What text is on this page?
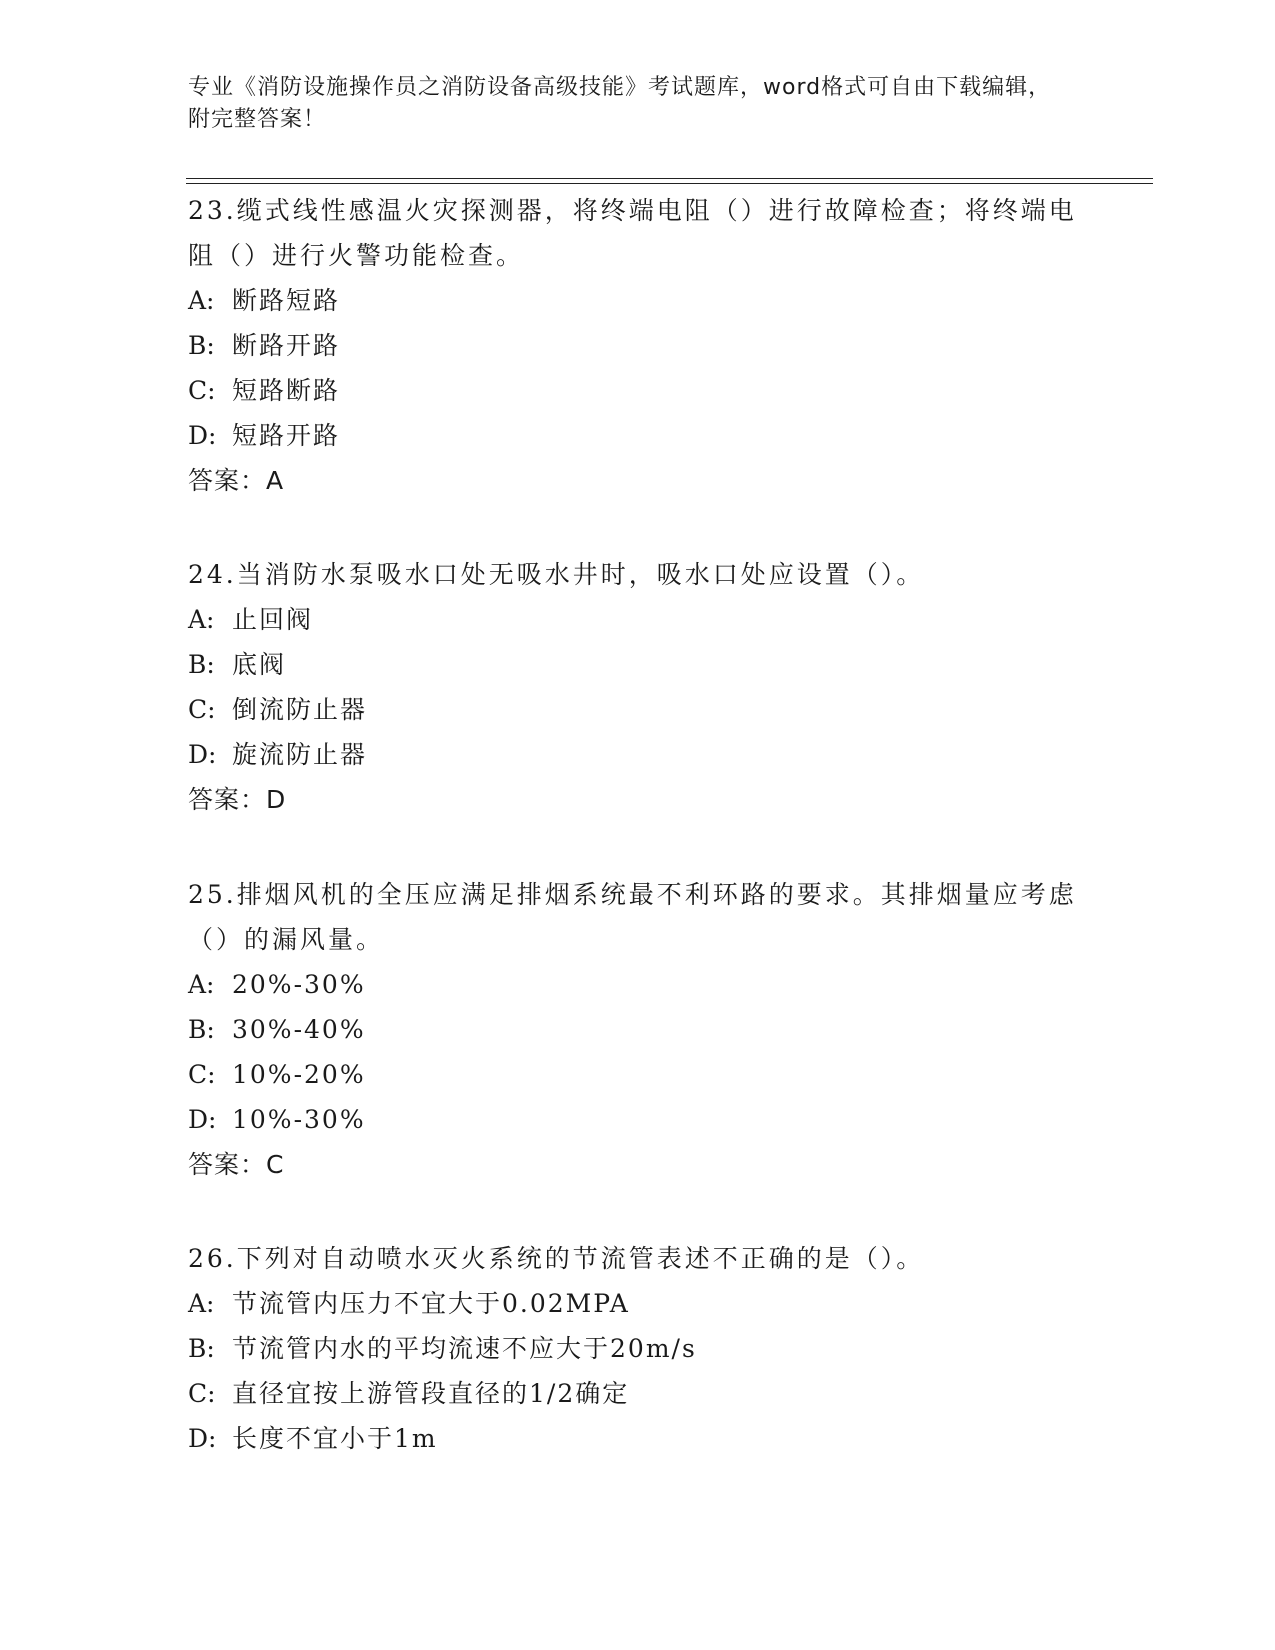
专业《消防设施操作员之消防设备高级技能》考试题库，word格式可自由下载编辑，附完整答案！

23.缆式线性感温火灾探测器，将终端电阻（）进行故障检查；将终端电阻（）进行火警功能检查。

A: 断路短路

B: 断路开路

C: 短路断路

D: 短路开路

答案：A

24.当消防水泵吸水口处无吸水井时，吸水口处应设置（）。

A: 止回阀

B: 底阀

C: 倒流防止器

D: 旋流防止器

答案：D

25.排烟风机的全压应满足排烟系统最不利环路的要求。其排烟量应考虑（）的漏风量。

A: 20%-30%

B: 30%-40%

C: 10%-20%

D: 10%-30%

答案：C

26.下列对自动喷水灭火系统的节流管表述不正确的是（）。

A: 节流管内压力不宜大于0.02MPA

B: 节流管内水的平均流速不应大于20m/s

C: 直径宜按上游管段直径的1/2确定

D: 长度不宜小于1m
